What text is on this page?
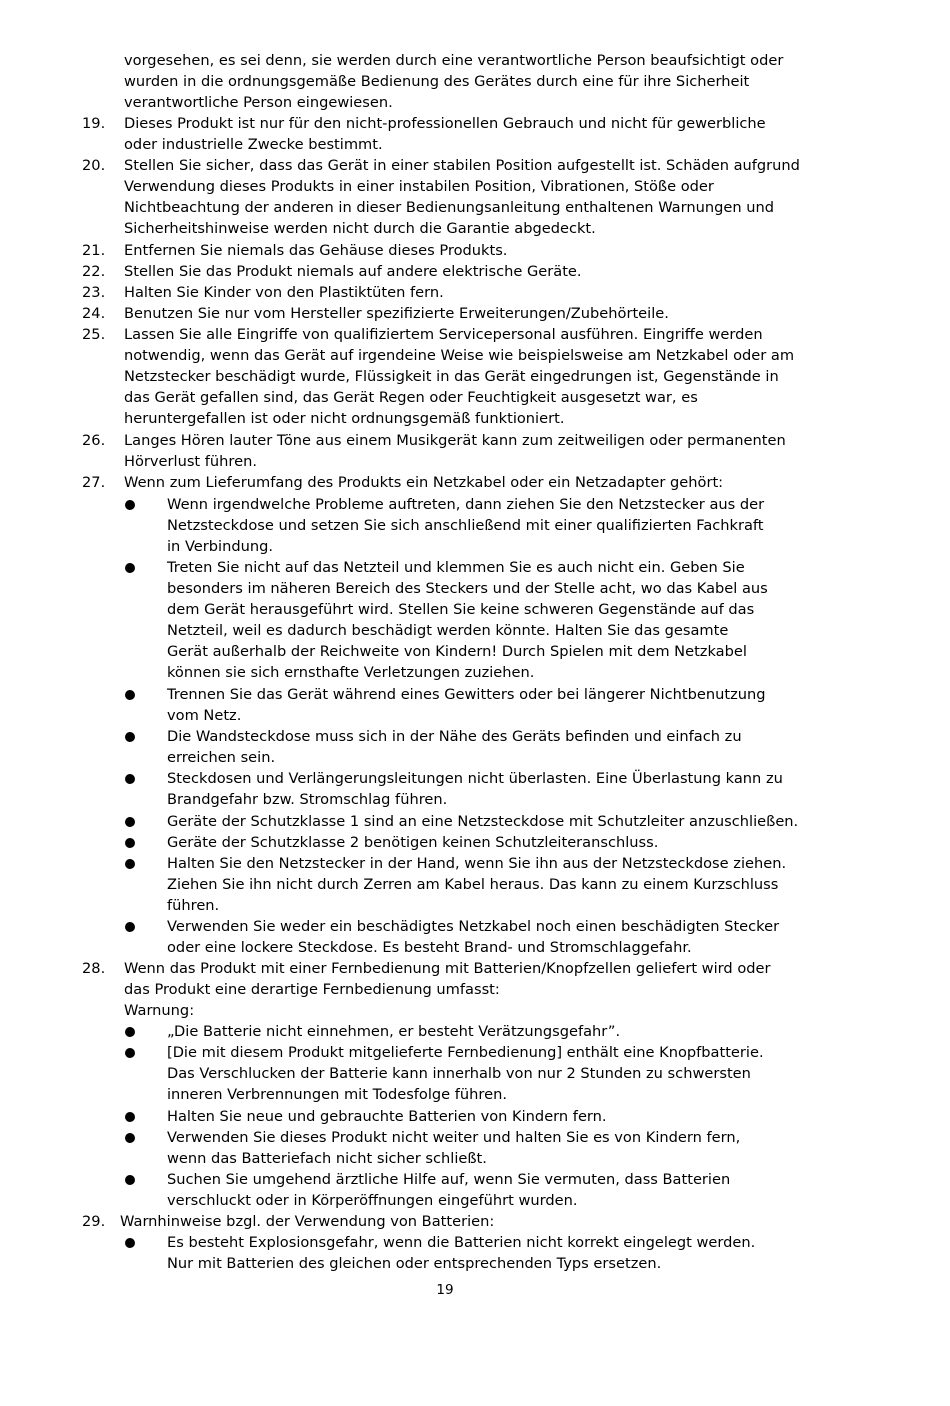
vorgesehen, es sei denn, sie werden durch eine verantwortliche Person beaufsichtigt oder
wurden in die ordnungsgemäße Bedienung des Gerätes durch eine für ihre Sicherheit
verantwortliche Person eingewiesen.
Dieses Produkt ist nur für den nicht-professionellen Gebrauch und nicht für gewerbliche
19.
oder industrielle Zwecke bestimmt.
Stellen Sie sicher, dass das Gerät in einer stabilen Position aufgestellt ist. Schäden aufgrund
20.
Verwendung dieses Produkts in einer instabilen Position, Vibrationen, Stöße oder
Nichtbeachtung der anderen in dieser Bedienungsanleitung enthaltenen Warnungen und
Sicherheitshinweise werden nicht durch die Garantie abgedeckt.
Entfernen Sie niemals das Gehäuse dieses Produkts.
21.
Stellen Sie das Produkt niemals auf andere elektrische Geräte.
22.
Halten Sie Kinder von den Plastiktüten fern.
23.
Benutzen Sie nur vom Hersteller spezifizierte Erweiterungen/Zubehörteile.
24.
Lassen Sie alle Eingriffe von qualifiziertem Servicepersonal ausführen. Eingriffe werden
25.
notwendig, wenn das Gerät auf irgendeine Weise wie beispielsweise am Netzkabel oder am
Netzstecker beschädigt wurde, Flüssigkeit in das Gerät eingedrungen ist, Gegenstände in
das Gerät gefallen sind, das Gerät Regen oder Feuchtigkeit ausgesetzt war, es
heruntergefallen ist oder nicht ordnungsgemäß funktioniert.
Langes Hören lauter Töne aus einem Musikgerät kann zum zeitweiligen oder permanenten
26.
Hörverlust führen.
Wenn zum Lieferumfang des Produkts ein Netzkabel oder ein Netzadapter gehört:
27.
Wenn irgendwelche Probleme auftreten, dann ziehen Sie den Netzstecker aus der
Netzsteckdose und setzen Sie sich anschließend mit einer qualifizierten Fachkraft
in Verbindung.
Treten Sie nicht auf das Netzteil und klemmen Sie es auch nicht ein. Geben Sie
besonders im näheren Bereich des Steckers und der Stelle acht, wo das Kabel aus
dem Gerät herausgeführt wird. Stellen Sie keine schweren Gegenstände auf das
Netzteil, weil es dadurch beschädigt werden könnte. Halten Sie das gesamte
Gerät außerhalb der Reichweite von Kindern! Durch Spielen mit dem Netzkabel
können sie sich ernsthafte Verletzungen zuziehen.
Trennen Sie das Gerät während eines Gewitters oder bei längerer Nichtbenutzung
vom Netz.
Die Wandsteckdose muss sich in der Nähe des Geräts befinden und einfach zu
erreichen sein.
Steckdosen und Verlängerungsleitungen nicht überlasten. Eine Überlastung kann zu
Brandgefahr bzw. Stromschlag führen.
Geräte der Schutzklasse 1 sind an eine Netzsteckdose mit Schutzleiter anzuschließen.
Geräte der Schutzklasse 2 benötigen keinen Schutzleiteranschluss.
Halten Sie den Netzstecker in der Hand, wenn Sie ihn aus der Netzsteckdose ziehen.
Ziehen Sie ihn nicht durch Zerren am Kabel heraus. Das kann zu einem Kurzschluss
führen.
Verwenden Sie weder ein beschädigtes Netzkabel noch einen beschädigten Stecker
oder eine lockere Steckdose. Es besteht Brand- und Stromschlaggefahr.
Wenn das Produkt mit einer Fernbedienung mit Batterien/Knopfzellen geliefert wird oder
28.
das Produkt eine derartige Fernbedienung umfasst:
Warnung:
„Die Batterie nicht einnehmen, er besteht Verätzungsgefahr”.
[Die mit diesem Produkt mitgelieferte Fernbedienung] enthält eine Knopfbatterie.
Das Verschlucken der Batterie kann innerhalb von nur 2 Stunden zu schwersten
inneren Verbrennungen mit Todesfolge führen.
Halten Sie neue und gebrauchte Batterien von Kindern fern.
Verwenden Sie dieses Produkt nicht weiter und halten Sie es von Kindern fern,
wenn das Batteriefach nicht sicher schließt.
Suchen Sie umgehend ärztliche Hilfe auf, wenn Sie vermuten, dass Batterien
verschluckt oder in Körperöffnungen eingeführt wurden.
Warnhinweise bzgl. der Verwendung von Batterien:
29.
Es besteht Explosionsgefahr, wenn die Batterien nicht korrekt eingelegt werden.
Nur mit Batterien des gleichen oder entsprechenden Typs ersetzen.
19
